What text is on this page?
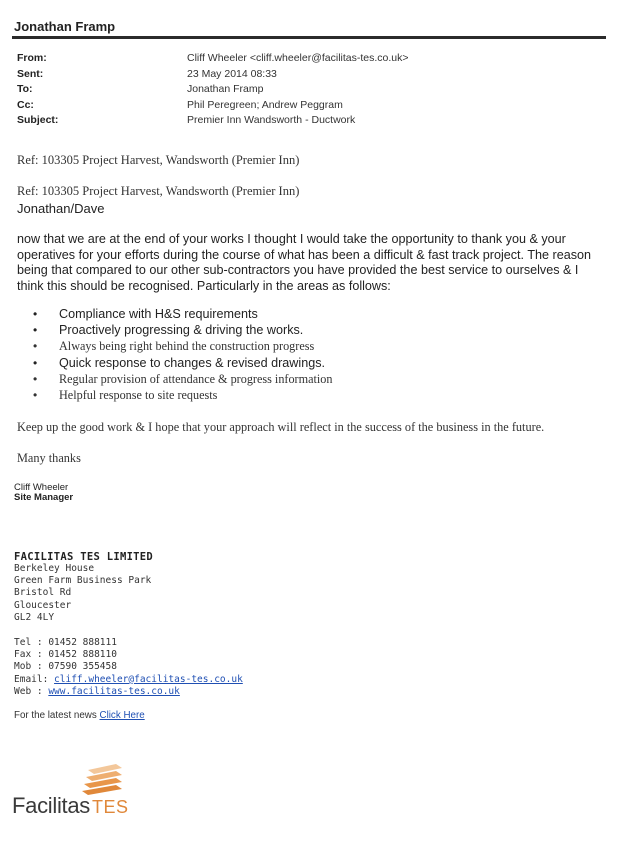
Jonathan Framp
From:	Cliff Wheeler <cliff.wheeler@facilitas-tes.co.uk>
Sent:	23 May 2014 08:33
To:	Jonathan Framp
Cc:	Phil Peregreen; Andrew Peggram
Subject:	Premier Inn Wandsworth - Ductwork
Ref: 103305 Project Harvest, Wandsworth (Premier Inn)
Ref: 103305 Project Harvest, Wandsworth (Premier Inn)
Jonathan/Dave
now that we are at the end of your works I thought I would take the opportunity to thank you & your operatives for your efforts during the course of what has been a difficult & fast track project. The reason being that compared to our other sub-contractors you have provided the best service to ourselves & I think this should be recognised. Particularly in the areas as follows:
• Compliance with H&S requirements
• Proactively progressing & driving the works.
• Always being right behind the construction progress
• Quick response to changes & revised drawings.
• Regular provision of attendance & progress information
• Helpful response to site requests
Keep up the good work & I hope that your approach will reflect in the success of the business in the future.
Many thanks
Cliff Wheeler
Site Manager
FACILITAS TES LIMITED
Berkeley House
Green Farm Business Park
Bristol Rd
Gloucester
GL2 4LY
Tel : 01452 888111
Fax : 01452 888110
Mob : 07590 355458
Email: cliff.wheeler@facilitas-tes.co.uk
Web : www.facilitas-tes.co.uk
For the latest news Click Here
Facilitas TES
